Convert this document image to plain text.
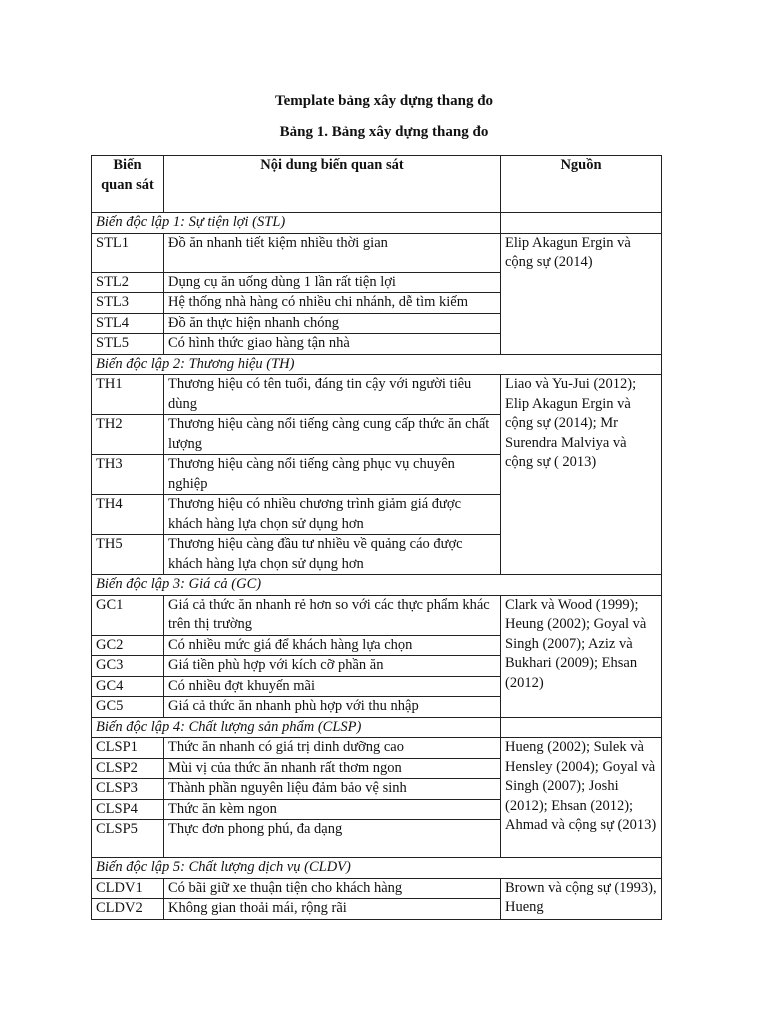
Template bảng xây dựng thang đo
Bảng 1. Bảng xây dựng thang đo
Biến quan sát	Nội dung biến quan sát	Nguồn
Biến độc lập 1: Sự tiện lợi (STL)		
STL1	Đồ ăn nhanh tiết kiệm nhiều thời gian	Elip Akagun Ergin và cộng sự (2014)
STL2	Dụng cụ ăn uống dùng 1 lần rất tiện lợi	
STL3	Hệ thống nhà hàng có nhiều chi nhánh, dễ tìm kiếm	
STL4	Đồ ăn thực hiện nhanh chóng	
STL5	Có hình thức giao hàng tận nhà	
Biến độc lập 2: Thương hiệu (TH)		
TH1	Thương hiệu có tên tuổi, đáng tin cậy với người tiêu dùng	Liao và Yu-Jui (2012); Elip Akagun Ergin và cộng sự (2014); Mr Surendra Malviya và cộng sự ( 2013)
TH2	Thương hiệu càng nổi tiếng càng cung cấp thức ăn chất lượng	
TH3	Thương hiệu càng nổi tiếng càng phục vụ chuyên nghiệp	
TH4	Thương hiệu có nhiều chương trình giảm giá được khách hàng lựa chọn sử dụng hơn	
TH5	Thương hiệu càng đầu tư nhiều về quảng cáo được khách hàng lựa chọn sử dụng hơn	
Biến độc lập 3: Giá cả (GC)		
GC1	Giá cả thức ăn nhanh rẻ hơn so với các thực phẩm khác trên thị trường	Clark và Wood (1999); Heung (2002); Goyal và Singh (2007); Aziz và Bukhari (2009); Ehsan (2012)
GC2	Có nhiều mức giá để khách hàng lựa chọn	
GC3	Giá tiền phù hợp với kích cỡ phần ăn	
GC4	Có nhiều đợt khuyến mãi	
GC5	Giá cả thức ăn nhanh phù hợp với thu nhập	
Biến độc lập 4: Chất lượng sản phẩm (CLSP)		
CLSP1	Thức ăn nhanh có giá trị dinh dưỡng cao	Hueng (2002); Sulek và Hensley (2004); Goyal và Singh (2007); Joshi (2012); Ehsan (2012); Ahmad và cộng sự (2013)
CLSP2	Mùi vị của thức ăn nhanh rất thơm ngon	
CLSP3	Thành phần nguyên liệu đảm bảo vệ sinh	
CLSP4	Thức ăn kèm ngon	
CLSP5	Thực đơn phong phú, đa dạng	
Biến độc lập 5: Chất lượng dịch vụ (CLDV)		
CLDV1	Có bãi giữ xe thuận tiện cho khách hàng	Brown và cộng sự (1993), Hueng
CLDV2	Không gian thoải mái, rộng rãi	
